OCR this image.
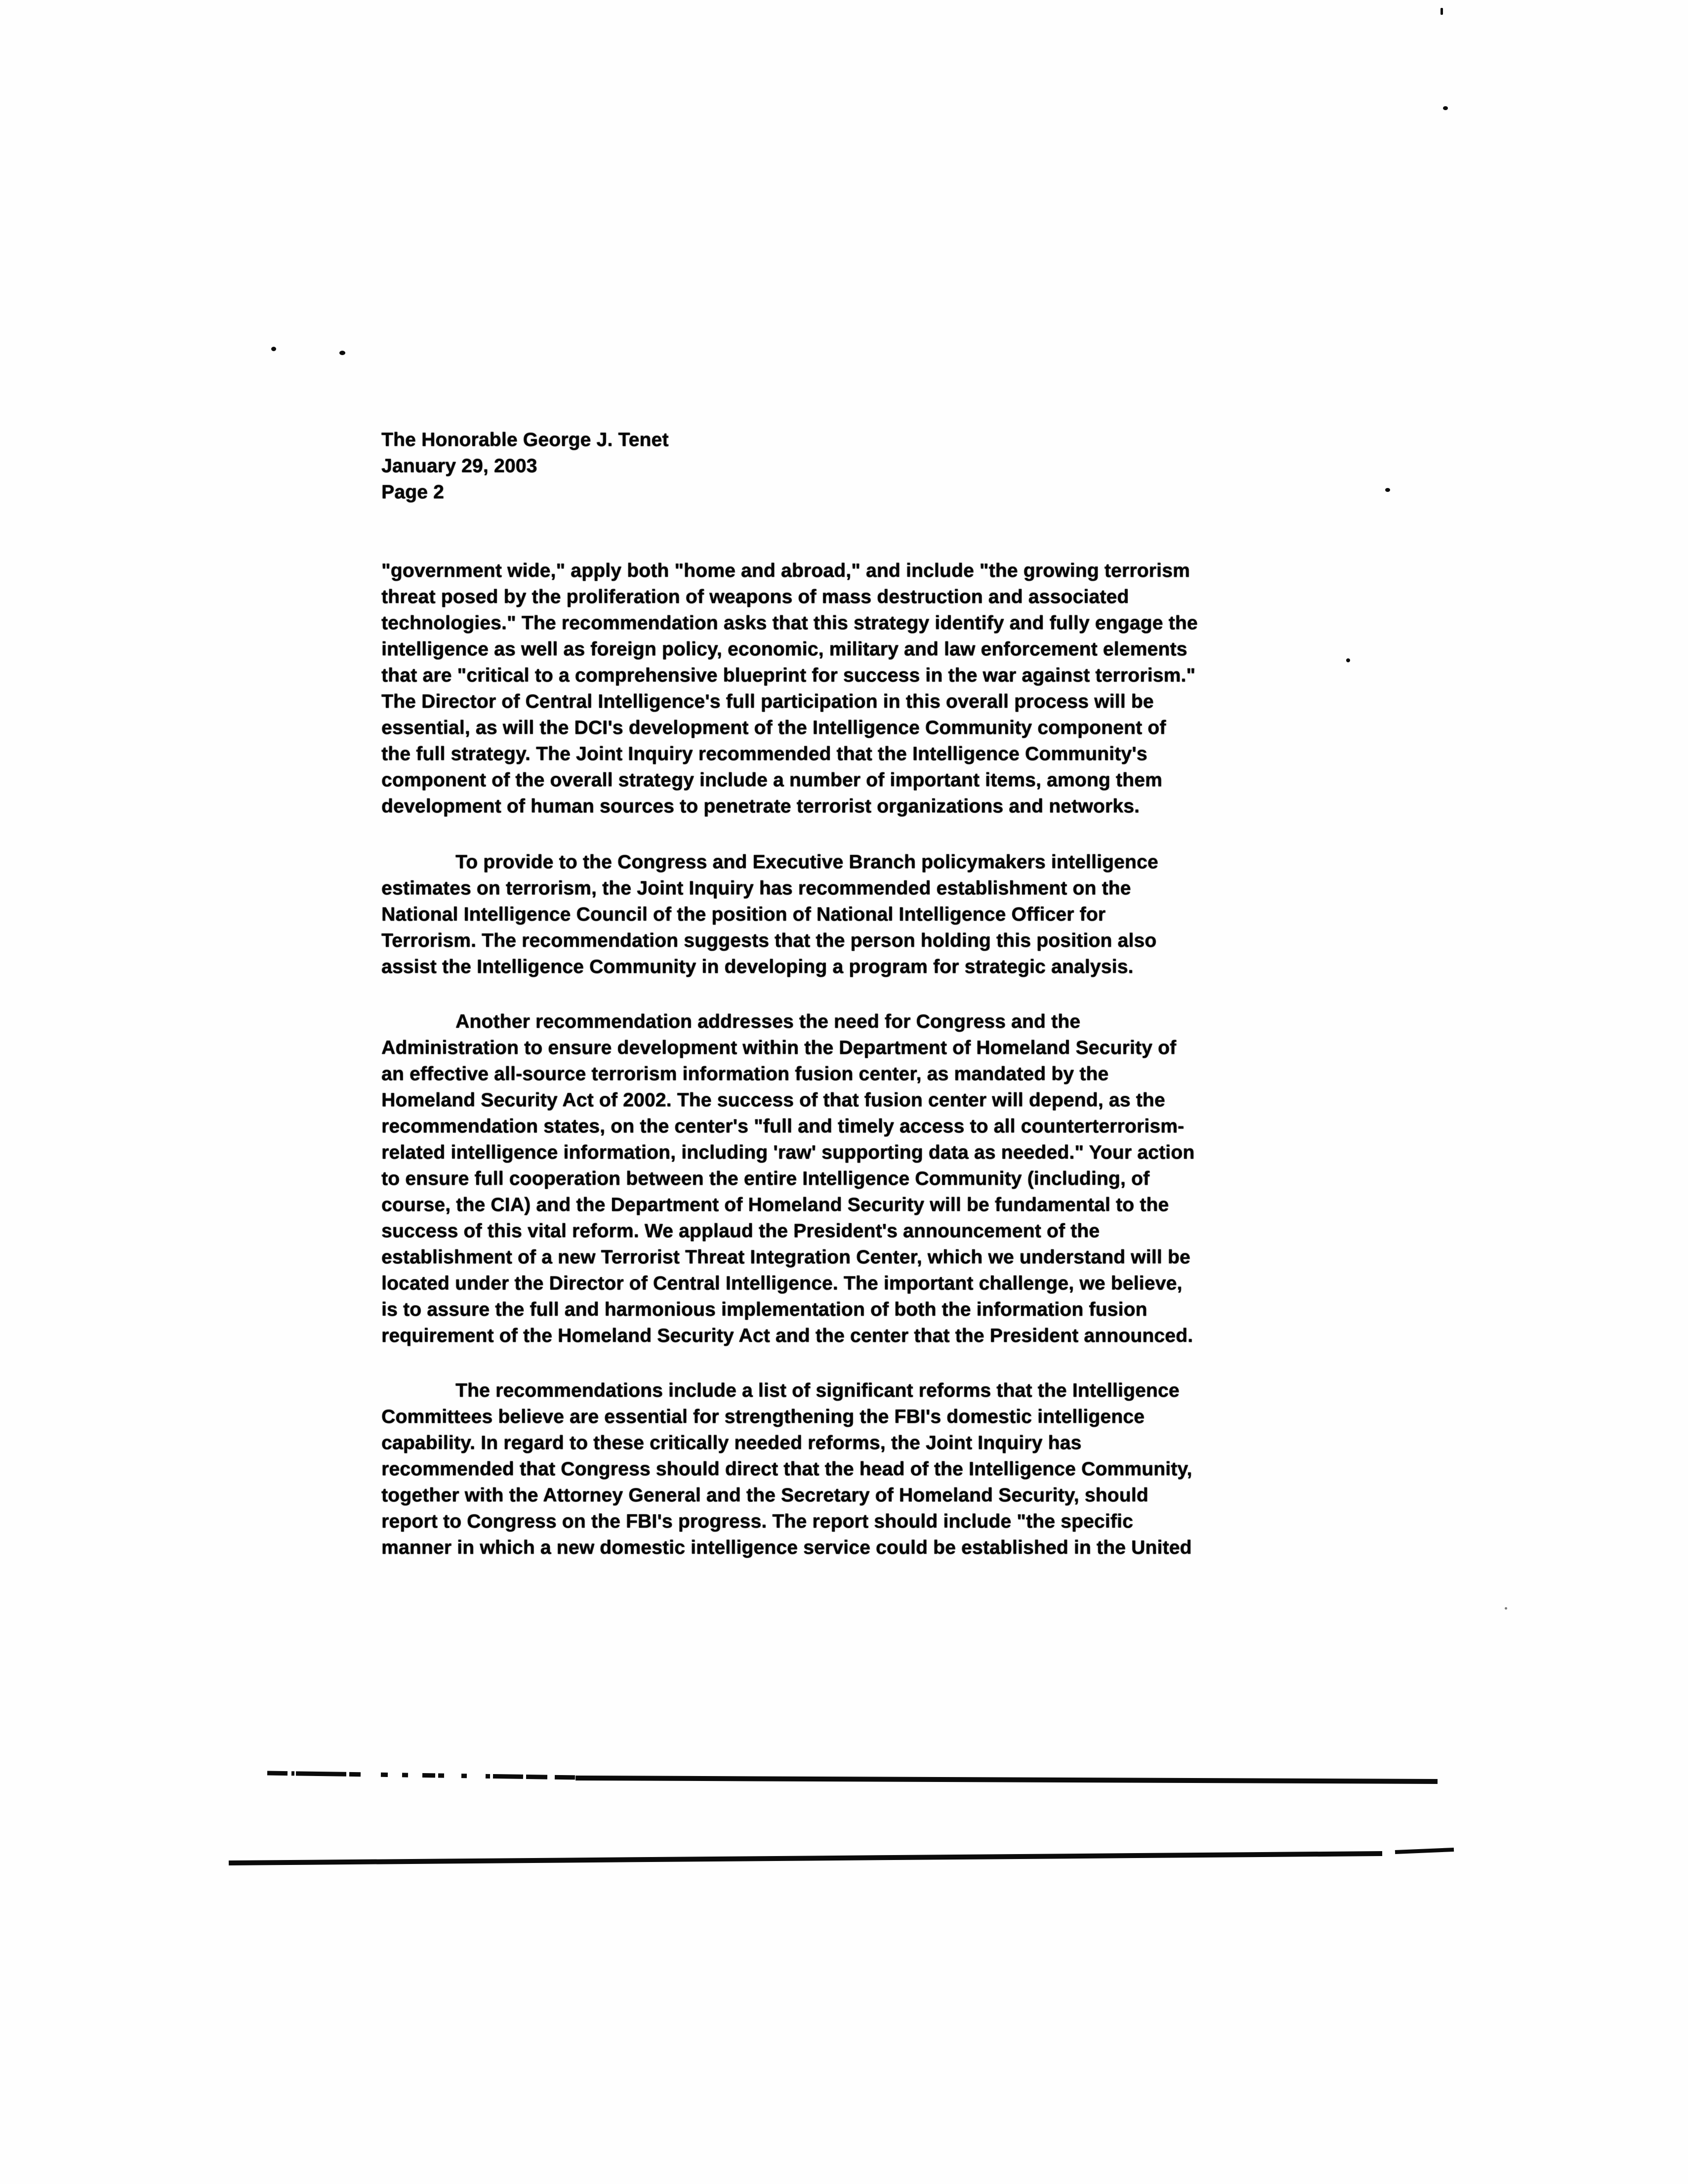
The Honorable George J. Tenet
January 29, 2003
Page 2
"government wide," apply both "home and abroad," and include "the growing terrorism
threat posed by the proliferation of weapons of mass destruction and associated
technologies." The recommendation asks that this strategy identify and fully engage the
intelligence as well as foreign policy, economic, military and law enforcement elements
that are "critical to a comprehensive blueprint for success in the war against terrorism."
The Director of Central Intelligence's full participation in this overall process will be
essential, as will the DCI's development of the Intelligence Community component of
the full strategy. The Joint Inquiry recommended that the Intelligence Community's
component of the overall strategy include a number of important items, among them
development of human sources to penetrate terrorist organizations and networks.
To provide to the Congress and Executive Branch policymakers intelligence
estimates on terrorism, the Joint Inquiry has recommended establishment on the
National Intelligence Council of the position of National Intelligence Officer for
Terrorism. The recommendation suggests that the person holding this position also
assist the Intelligence Community in developing a program for strategic analysis.
Another recommendation addresses the need for Congress and the
Administration to ensure development within the Department of Homeland Security of
an effective all-source terrorism information fusion center, as mandated by the
Homeland Security Act of 2002. The success of that fusion center will depend, as the
recommendation states, on the center's "full and timely access to all counterterrorism-
related intelligence information, including 'raw' supporting data as needed." Your action
to ensure full cooperation between the entire Intelligence Community (including, of
course, the CIA) and the Department of Homeland Security will be fundamental to the
success of this vital reform. We applaud the President's announcement of the
establishment of a new Terrorist Threat Integration Center, which we understand will be
located under the Director of Central Intelligence. The important challenge, we believe,
is to assure the full and harmonious implementation of both the information fusion
requirement of the Homeland Security Act and the center that the President announced.
The recommendations include a list of significant reforms that the Intelligence
Committees believe are essential for strengthening the FBI's domestic intelligence
capability. In regard to these critically needed reforms, the Joint Inquiry has
recommended that Congress should direct that the head of the Intelligence Community,
together with the Attorney General and the Secretary of Homeland Security, should
report to Congress on the FBI's progress. The report should include "the specific
manner in which a new domestic intelligence service could be established in the United
